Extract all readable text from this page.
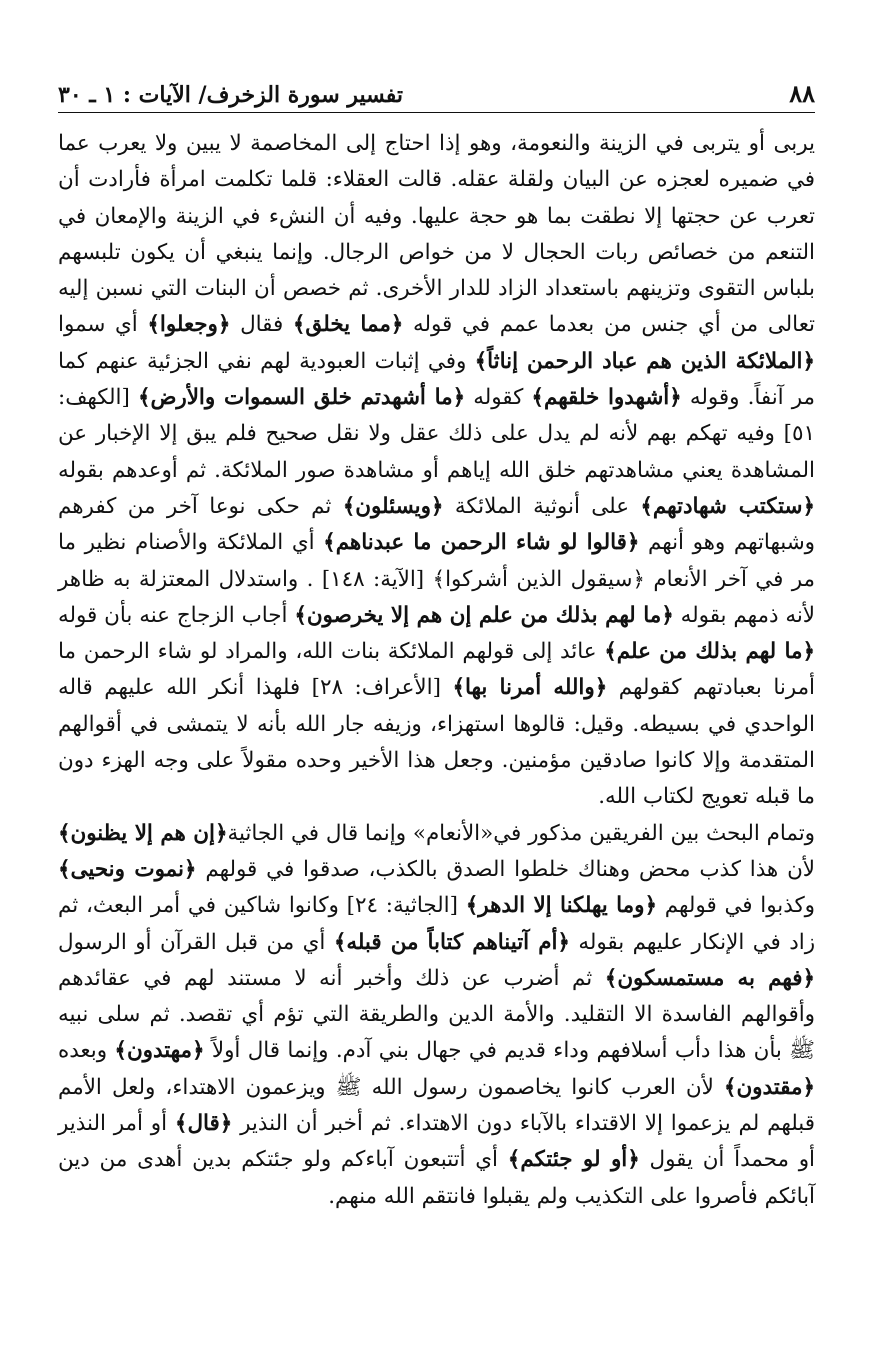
٨٨
تفسير سورة الزخرف/ الآيات : ١ ـ ٣٠

يربى أو يتربى في الزينة والنعومة، وهو إذا احتاج إلى المخاصمة لا يبين ولا يعرب عما في ضميره لعجزه عن البيان ولقلة عقله. قالت العقلاء: قلما تكلمت امرأة فأرادت أن تعرب عن حجتها إلا نطقت بما هو حجة عليها. وفيه أن النشء في الزينة والإمعان في التنعم من خصائص ربات الحجال لا من خواص الرجال. وإنما ينبغي أن يكون تلبسهم بلباس التقوى وتزينهم باستعداد الزاد للدار الأخرى. ثم خصص أن البنات التي نسبن إليه تعالى من أي جنس من بعدما عمم في قوله ﴿مما يخلق﴾ فقال ﴿وجعلوا﴾ أي سموا ﴿الملائكة الذين هم عباد الرحمن إناثاً﴾ وفي إثبات العبودية لهم نفي الجزئية عنهم كما مر آنفاً. وقوله ﴿أشهدوا خلقهم﴾ كقوله ﴿ما أشهدتم خلق السموات والأرض﴾ [الكهف: ٥١] وفيه تهكم بهم لأنه لم يدل على ذلك عقل ولا نقل صحيح فلم يبق إلا الإخبار عن المشاهدة يعني مشاهدتهم خلق الله إياهم أو مشاهدة صور الملائكة. ثم أوعدهم بقوله ﴿ستكتب شهادتهم﴾ على أنوثية الملائكة ﴿ويسئلون﴾ ثم حكى نوعا آخر من كفرهم وشبهاتهم وهو أنهم ﴿قالوا لو شاء الرحمن ما عبدناهم﴾ أي الملائكة والأصنام نظير ما مر في آخر الأنعام ﴿سيقول الذين أشركوا﴾ [الآية: ١٤٨] . واستدلال المعتزلة به ظاهر لأنه ذمهم بقوله ﴿ما لهم بذلك من علم إن هم إلا يخرصون﴾ أجاب الزجاج عنه بأن قوله ﴿ما لهم بذلك من علم﴾ عائد إلى قولهم الملائكة بنات الله، والمراد لو شاء الرحمن ما أمرنا بعبادتهم كقولهم ﴿والله أمرنا بها﴾ [الأعراف: ٢٨] فلهذا أنكر الله عليهم قاله الواحدي في بسيطه. وقيل: قالوها استهزاء، وزيفه جار الله بأنه لا يتمشى في أقوالهم المتقدمة وإلا كانوا صادقين مؤمنين. وجعل هذا الأخير وحده مقولاً على وجه الهزء دون ما قبله تعويج لكتاب الله.

وتمام البحث بين الفريقين مذكور في«الأنعام» وإنما قال في الجاثية﴿إن هم إلا يظنون﴾ لأن هذا كذب محض وهناك خلطوا الصدق بالكذب، صدقوا في قولهم ﴿نموت ونحيى﴾ وكذبوا في قولهم ﴿وما يهلكنا إلا الدهر﴾ [الجاثية: ٢٤] وكانوا شاكين في أمر البعث، ثم زاد في الإنكار عليهم بقوله ﴿أم آتيناهم كتاباً من قبله﴾ أي من قبل القرآن أو الرسول ﴿فهم به مستمسكون﴾ ثم أضرب عن ذلك وأخبر أنه لا مستند لهم في عقائدهم وأقوالهم الفاسدة الا التقليد. والأمة الدين والطريقة التي تؤم أي تقصد. ثم سلى نبيه ﷺ بأن هذا دأب أسلافهم وداء قديم في جهال بني آدم. وإنما قال أولاً ﴿مهتدون﴾ وبعده ﴿مقتدون﴾ لأن العرب كانوا يخاصمون رسول الله ﷺ ويزعمون الاهتداء، ولعل الأمم قبلهم لم يزعموا إلا الاقتداء بالآباء دون الاهتداء. ثم أخبر أن النذير ﴿قال﴾ أو أمر النذير أو محمداً أن يقول ﴿أو لو جئتكم﴾ أي أتتبعون آباءكم ولو جئتكم بدين أهدى من دين آبائكم فأصروا على التكذيب ولم يقبلوا فانتقم الله منهم.
